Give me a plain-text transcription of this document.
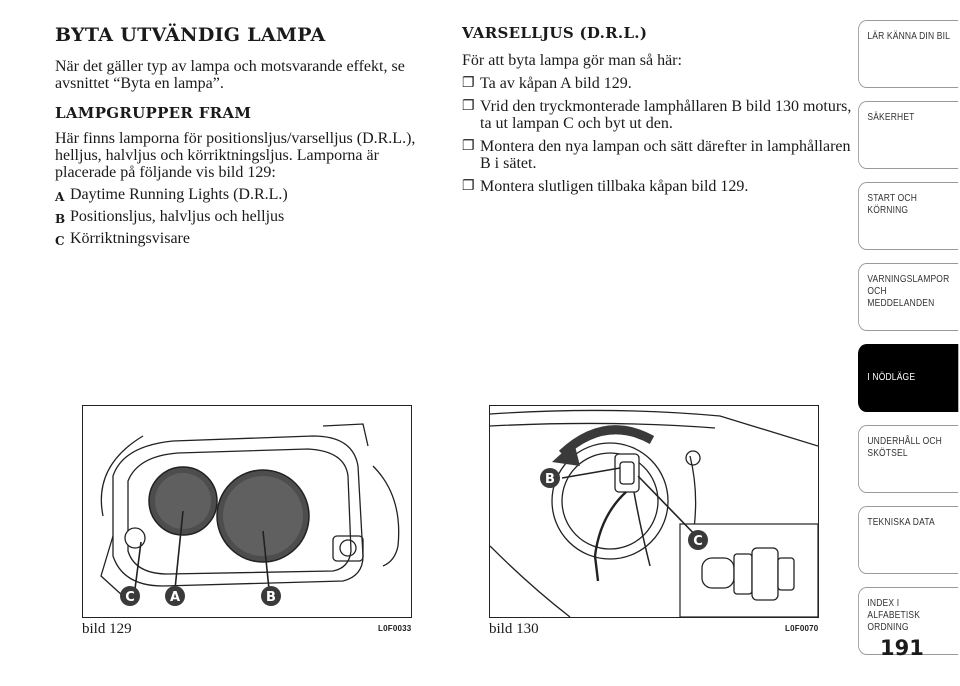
BYTA UTVÄNDIG LAMPA
När det gäller typ av lampa och motsvarande effekt, se avsnittet “Byta en lampa”.
LAMPGRUPPER FRAM
Här finns lamporna för positionsljus/varselljus (D.R.L.), helljus, halvljus och körriktningsljus. Lamporna är placerade på följande vis bild 129:
A Daytime Running Lights (D.R.L.)
B Positionsljus, halvljus och helljus
C Körriktningsvisare
VARSELLJUS (D.R.L.)
För att byta lampa gör man så här:
❐ Ta av kåpan A bild 129.
❐ Vrid den tryckmonterade lamphållaren B bild 130 moturs, ta ut lampan C och byt ut den.
❐ Montera den nya lampan och sätt därefter in lamphållaren B i sätet.
❐ Montera slutligen tillbaka kåpan bild 129.
C	A	B
bild 129	L0F0033
B
C
bild 130	L0F0070
LÄR KÄNNA DIN BIL
SÄKERHET
START OCH KÖRNING
VARNINGSLAMPOR OCH MEDDELANDEN
I NÖDLÄGE
UNDERHÅLL OCH SKÖTSEL
TEKNISKA DATA
INDEX I ALFABETISK ORDNING
191
